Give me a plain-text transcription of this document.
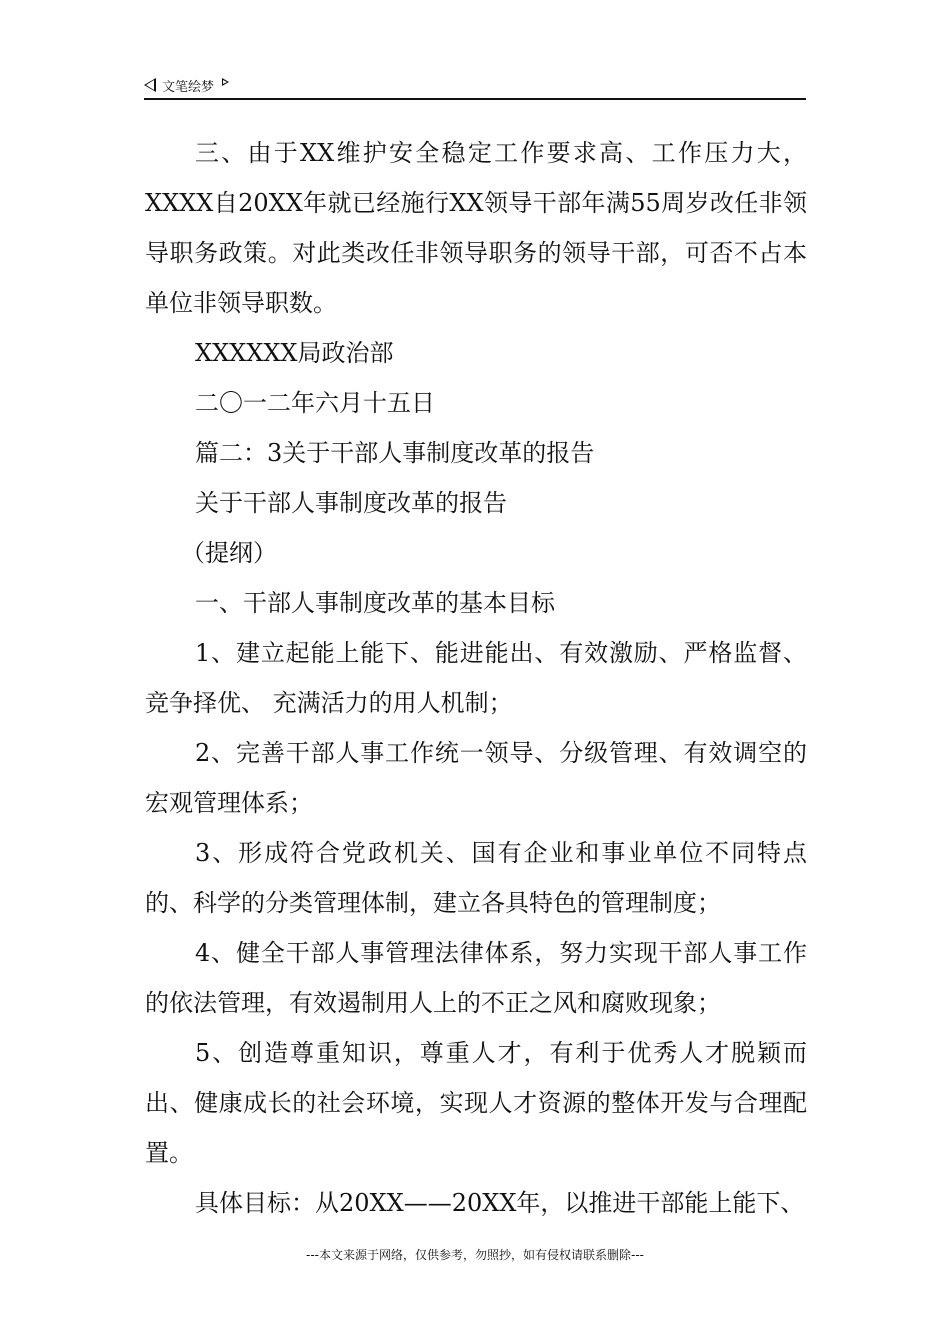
文笔绘梦

三、由于XX维护安全稳定工作要求高、工作压力大，XXXX自20XX年就已经施行XX领导干部年满55周岁改任非领导职务政策。对此类改任非领导职务的领导干部，可否不占本单位非领导职数。

XXXXXX局政治部

二〇一二年六月十五日

篇二：3关于干部人事制度改革的报告

关于干部人事制度改革的报告

（提纲）

一、干部人事制度改革的基本目标

1、建立起能上能下、能进能出、有效激励、严格监督、竞争择优、 充满活力的用人机制；

2、完善干部人事工作统一领导、分级管理、有效调空的宏观管理体系；

3、形成符合党政机关、国有企业和事业单位不同特点的、科学的分类管理体制，建立各具特色的管理制度；

4、健全干部人事管理法律体系，努力实现干部人事工作的依法管理，有效遏制用人上的不正之风和腐败现象；

5、创造尊重知识，尊重人才，有利于优秀人才脱颖而出、健康成长的社会环境，实现人才资源的整体开发与合理配置。

具体目标：从20XX——20XX年，以推进干部能上能下、

---本文来源于网络，仅供参考，勿照抄，如有侵权请联系删除---
